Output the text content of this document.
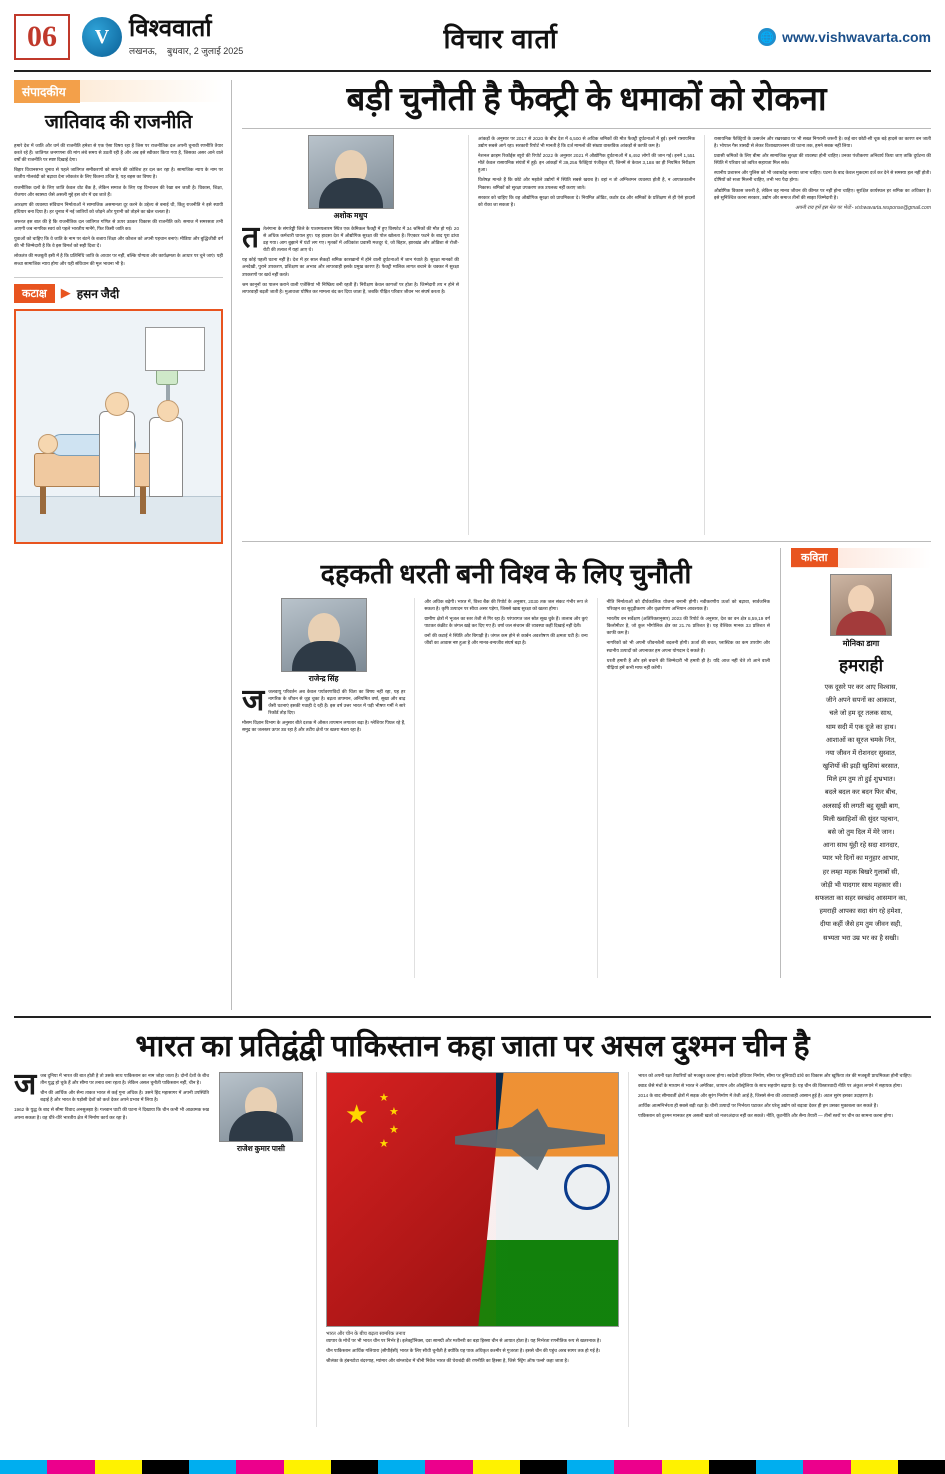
06	V विश्ववार्ता
लखनऊ, बुधवार, 2 जुलाई 2025	विचार वार्ता	🌐 www.vishwavarta.com
संपादकीय
जातिवाद की राजनीति

हमारे देश में जाति और धर्म की राजनीति हमेशा से एक ऐसा विषय रहा है जिस पर राजनीतिक दल अपनी चुनावी रणनीति तैयार करते रहे हैं। जातिगत जनगणना की मांग लंबे समय से उठती रही है और अब इसे स्वीकार किया गया है, जिसका असर आने वाले वर्षों की राजनीति पर स्पष्ट दिखाई देगा।

बिहार विधानसभा चुनाव से पहले जातिगत समीकरणों को साधने की कोशिश हर दल कर रहा है। सामाजिक न्याय के नाम पर जातीय गोलबंदी को बढ़ावा देना लोकतंत्र के लिए कितना उचित है, यह बहस का विषय है।

राजनीतिक दलों के लिए जाति केवल वोट बैंक है, लेकिन समाज के लिए यह विभाजन की रेखा बन जाती है। विकास, शिक्षा, रोजगार और स्वास्थ्य जैसे असली मुद्दे इस शोर में दब जाते हैं।

आरक्षण की व्यवस्था संविधान निर्माताओं ने सामाजिक असमानता दूर करने के उद्देश्य से बनाई थी, किंतु राजनीति ने इसे स्थायी हथियार बना दिया है। हर चुनाव में नई जातियों को जोड़ने और पुरानी को तोड़ने का खेल चलता है।

जरूरत इस बात की है कि राजनीतिक दल जातिगत गणित से ऊपर उठकर विकास की राजनीति करें। समाज में समरसता तभी आएगी जब नागरिक स्वयं को पहले भारतीय मानेंगे, फिर किसी जाति का।

युवाओं को चाहिए कि वे जाति के नाम पर बंटने के बजाय शिक्षा और कौशल को अपनी पहचान बनाएं। मीडिया और बुद्धिजीवी वर्ग की भी जिम्मेदारी है कि वे इस विमर्श को सही दिशा दें।

लोकतंत्र की मजबूती इसी में है कि प्रतिनिधि जाति के आधार पर नहीं, बल्कि योग्यता और कार्यक्षमता के आधार पर चुने जाएं। यही सच्चा सामाजिक न्याय होगा और यही संविधान की मूल भावना भी है।

कटाक्ष	▶ हसन जैदी
बड़ी चुनौती है फैक्ट्री के धमाकों को रोकना
अशोक मधुप

ततेलंगाना के संगारेड्डी जिले के पाशमयलारम स्थित एक केमिकल फैक्ट्री में हुए विस्फोट में 34 श्रमिकों की मौत हो गई। 20 से अधिक कर्मचारी घायल हुए। यह हादसा देश में औद्योगिक सुरक्षा की पोल खोलता है। रिएक्टर फटने के बाद पूरा ढांचा ढह गया। आग बुझाने में घंटों लग गए। मृतकों में अधिकांश प्रवासी मजदूर थे, जो बिहार, झारखंड और ओडिशा से रोजी-रोटी की तलाश में यहां आए थे।

यह कोई पहली घटना नहीं है। देश में हर साल सैकड़ों श्रमिक कारखानों में होने वाली दुर्घटनाओं में जान गंवाते हैं। सुरक्षा मानकों की अनदेखी, पुराने उपकरण, प्रशिक्षण का अभाव और लापरवाही इसके प्रमुख कारण हैं। फैक्ट्री मालिक लागत बचाने के चक्कर में सुरक्षा उपकरणों पर खर्च नहीं करते।

श्रम कानूनों का पालन कराने वाली एजेंसियां भी निष्क्रिय बनी रहती हैं। निरीक्षण केवल कागजों पर होता है। जिम्मेदारी तय न होने से लापरवाही बढ़ती जाती है। मुआवजा घोषित कर मामला बंद कर दिया जाता है, जबकि पीड़ित परिवार जीवन भर संघर्ष करता है।

आंकड़ों के अनुसार पर 2017 से 2020 के बीच देश में 6,500 से अधिक श्रमिकों की मौत फैक्ट्री दुर्घटनाओं में हुई। इनमें रासायनिक उद्योग सबसे आगे रहा। सरकारी रिपोर्ट भी मानती है कि दर्ज मामलों की संख्या वास्तविक आंकड़ों से काफी कम है।

नेशनल क्राइम रिकॉर्ड्स ब्यूरो की रिपोर्ट 2022 के अनुसार 2021 में औद्योगिक दुर्घटनाओं में 6,492 लोगों की जान गई। इनमें 1,551 मौतें केवल रासायनिक संयंत्रों में हुईं। इन आंकड़ों में 39,256 फैक्ट्रियां पंजीकृत थीं, जिनमें से केवल 3,188 का ही नियमित निरीक्षण हुआ।

विशेषज्ञ मानते हैं कि छोटे और मझोले उद्योगों में स्थिति सबसे खराब है। वहां न तो अग्निशमन व्यवस्था होती है, न आपातकालीन निकास। श्रमिकों को सुरक्षा उपकरण तक उपलब्ध नहीं कराए जाते।

सरकार को चाहिए कि वह औद्योगिक सुरक्षा को प्राथमिकता दे। नियमित ऑडिट, कठोर दंड और श्रमिकों के प्रशिक्षण से ही ऐसे हादसों को रोका जा सकता है।

रासायनिक फैक्ट्रियों के उत्सर्जन और रखरखाव पर भी सख्त निगरानी जरूरी है। कई बार छोटी-सी चूक बड़े हादसे का कारण बन जाती है। भोपाल गैस त्रासदी से लेकर विशाखापत्तनम की घटना तक, हमने सबक नहीं लिया।

प्रवासी श्रमिकों के लिए बीमा और सामाजिक सुरक्षा की व्यवस्था होनी चाहिए। उनका पंजीकरण अनिवार्य किया जाए ताकि दुर्घटना की स्थिति में परिवार को त्वरित सहायता मिल सके।

स्थानीय प्रशासन और पुलिस को भी जवाबदेह बनाया जाना चाहिए। घटना के बाद केवल मुकदमा दर्ज कर देने से समस्या हल नहीं होती। दोषियों को सजा मिलनी चाहिए, तभी भय पैदा होगा।

औद्योगिक विकास जरूरी है, लेकिन वह मानव जीवन की कीमत पर नहीं होना चाहिए। सुरक्षित कार्यस्थल हर श्रमिक का अधिकार है। इसे सुनिश्चित करना सरकार, उद्योग और समाज तीनों की साझा जिम्मेदारी है।

अपनी राय हमें इस मेल पर भेजें:- vishwavarta.response@gmail.com
दहकती धरती बनी विश्व के लिए चुनौती
राजेन्द्र सिंह

जजलवायु परिवर्तन अब केवल पर्यावरणविदों की चिंता का विषय नहीं रहा, यह हर नागरिक के जीवन से जुड़ चुका है। बढ़ता तापमान, अनियमित वर्षा, सूखा और बाढ़ जैसी घटनाएं इसकी गवाही दे रही हैं। इस वर्ष उत्तर भारत में पड़ी भीषण गर्मी ने सारे रिकॉर्ड तोड़ दिए।

मौसम विज्ञान विभाग के अनुसार बीते दशक में औसत तापमान लगातार बढ़ा है। ग्लेशियर पिघल रहे हैं, समुद्र का जलस्तर ऊपर उठ रहा है और तटीय क्षेत्रों पर खतरा मंडरा रहा है।

और अधिक बढ़ेगी। भारत में, विश्व बैंक की रिपोर्ट के अनुसार, 2030 तक जल संकट गंभीर रूप ले सकता है। कृषि उत्पादन पर सीधा असर पड़ेगा, जिससे खाद्य सुरक्षा को खतरा होगा।

ग्रामीण क्षेत्रों में भूजल का स्तर तेजी से गिर रहा है। परंपरागत जल स्रोत सूख चुके हैं। तालाब और कुएं पाटकर कंक्रीट के जंगल खड़े कर दिए गए हैं। वर्षा जल संचयन की व्यवस्था कहीं दिखाई नहीं देती।

वनों की कटाई ने स्थिति और बिगाड़ी है। जंगल कम होने से कार्बन अवशोषण की क्षमता घटी है। वन्य जीवों का आवास नष्ट हुआ है और मानव-वन्यजीव संघर्ष बढ़ा है।

नीति निर्माताओं को दीर्घकालिक योजना बनानी होगी। नवीकरणीय ऊर्जा को बढ़ावा, सार्वजनिक परिवहन का सुदृढ़ीकरण और वृक्षारोपण अभियान आवश्यक हैं।

भारतीय वन सर्वेक्षण (अतिरिक्तानुसार) 2023 की रिपोर्ट के अनुसार, देश का वन क्षेत्र 8,59,19 वर्ग किलोमीटर है, जो कुल भौगोलिक क्षेत्र का 21.76 प्रतिशत है। यह वैश्विक मानक 33 प्रतिशत से काफी कम है।

नागरिकों को भी अपनी जीवनशैली बदलनी होगी। ऊर्जा की बचत, प्लास्टिक का कम उपयोग और स्थानीय उत्पादों को अपनाकर हम अपना योगदान दे सकते हैं।

धरती हमारी है और इसे बचाने की जिम्मेदारी भी हमारी ही है। यदि आज नहीं चेते तो आने वाली पीढ़ियां हमें कभी माफ नहीं करेंगी।

कविता
मोनिका डागा
हमराही
एक दूसरे पर कर आए विश्वास,
जीने अपने सपनों का आकाश,
चले जो हम दूर तलक साथ,
थाम सदी में एक दूजे का हाथ।
आशाओं का सूरज चमके नित,
नया जीवन में रोशनदर सुस्वात,
खुशियों की झड़ी खुशियां बरसात,
मिले हम तुम तो हुई शुभ्रभात।
बदले बदल कर बदन फिर बीच,
अलसाई सी लगती बहु सूखी बाग,
मिली ख्वाहिशों की सुंदर पहचान,
बसे जो तुम दिल में मेरे जान।
आना साथ यूंही रहे सदा शानदार,
प्यार भरे दिनों का मनुहार आभार,
हर लम्हा महक बिखरे गुलाबों सी,
जोड़ी भी यादगार साथ महकार सी।
सफलता का सहर स्वच्छंद आसमान का,
हमराही आपका सदा संग रहे हमेशा,
दीया कहीं जैसे हम तुम जीवन सही,
सभ्यता भरा उम्र भर का है सखी।
भारत का प्रतिद्वंद्वी पाकिस्तान कहा जाता पर असल दुश्मन चीन है
राजेश कुमार पासी

जजब दुनिया में भारत की बात होती है तो उसके साथ पाकिस्तान का नाम जोड़ा जाता है। दोनों देशों के बीच तीन युद्ध हो चुके हैं और सीमा पर तनाव बना रहता है। लेकिन असल चुनौती पाकिस्तान नहीं, चीन है।

चीन की आर्थिक और सैन्य ताकत भारत से कई गुना अधिक है। उसने हिंद महासागर में अपनी उपस्थिति बढ़ाई है और भारत के पड़ोसी देशों को कर्ज देकर अपने प्रभाव में लिया है।

1962 के युद्ध के बाद से सीमा विवाद अनसुलझा है। गलवान घाटी की घटना ने दिखाया कि चीन कभी भी आक्रामक रुख अपना सकता है। वह धीरे-धीरे भारतीय क्षेत्र में निर्माण कार्य कर रहा है।	★
★
★
★
★
भारत और चीन के बीच बढ़ता सामरिक तनाव

व्यापार के मोर्चे पर भी भारत चीन पर निर्भर है। इलेक्ट्रॉनिक्स, दवा सामग्री और मशीनरी का बड़ा हिस्सा चीन से आयात होता है। यह निर्भरता रणनीतिक रूप से खतरनाक है।

चीन पाकिस्तान आर्थिक गलियारा (सीपीईसी) भारत के लिए सीधी चुनौती है क्योंकि यह पाक अधिकृत कश्मीर से गुजरता है। इससे चीन की पहुंच अरब सागर तक हो गई है।

श्रीलंका के हंबनटोटा बंदरगाह, म्यांमार और बांग्लादेश में चीनी निवेश भारत की घेराबंदी की रणनीति का हिस्सा है, जिसे 'स्ट्रिंग ऑफ पर्ल्स' कहा जाता है।

भारत को अपनी रक्षा तैयारियों को मजबूत करना होगा। स्वदेशी हथियार निर्माण, सीमा पर बुनियादी ढांचे का विकास और खुफिया तंत्र की मजबूती प्राथमिकता होनी चाहिए।

क्वाड जैसे मंचों के माध्यम से भारत ने अमेरिका, जापान और ऑस्ट्रेलिया के साथ सहयोग बढ़ाया है। यह चीन की विस्तारवादी नीति पर अंकुश लगाने में सहायक होगा।

2014 के बाद सीमावर्ती क्षेत्रों में सड़क और सुरंग निर्माण में तेजी आई है, जिससे सेना की आवाजाही आसान हुई है। अटल सुरंग इसका उदाहरण है।

आर्थिक आत्मनिर्भरता ही सबसे बड़ी रक्षा है। चीनी उत्पादों पर निर्भरता घटाकर और घरेलू उद्योग को बढ़ावा देकर ही हम उसका मुकाबला कर सकते हैं।

पाकिस्तान को दुश्मन मानकर हम असली खतरे को नजरअंदाज नहीं कर सकते। नीति, कूटनीति और सैन्य तैयारी — तीनों स्तरों पर चीन का सामना करना होगा।
